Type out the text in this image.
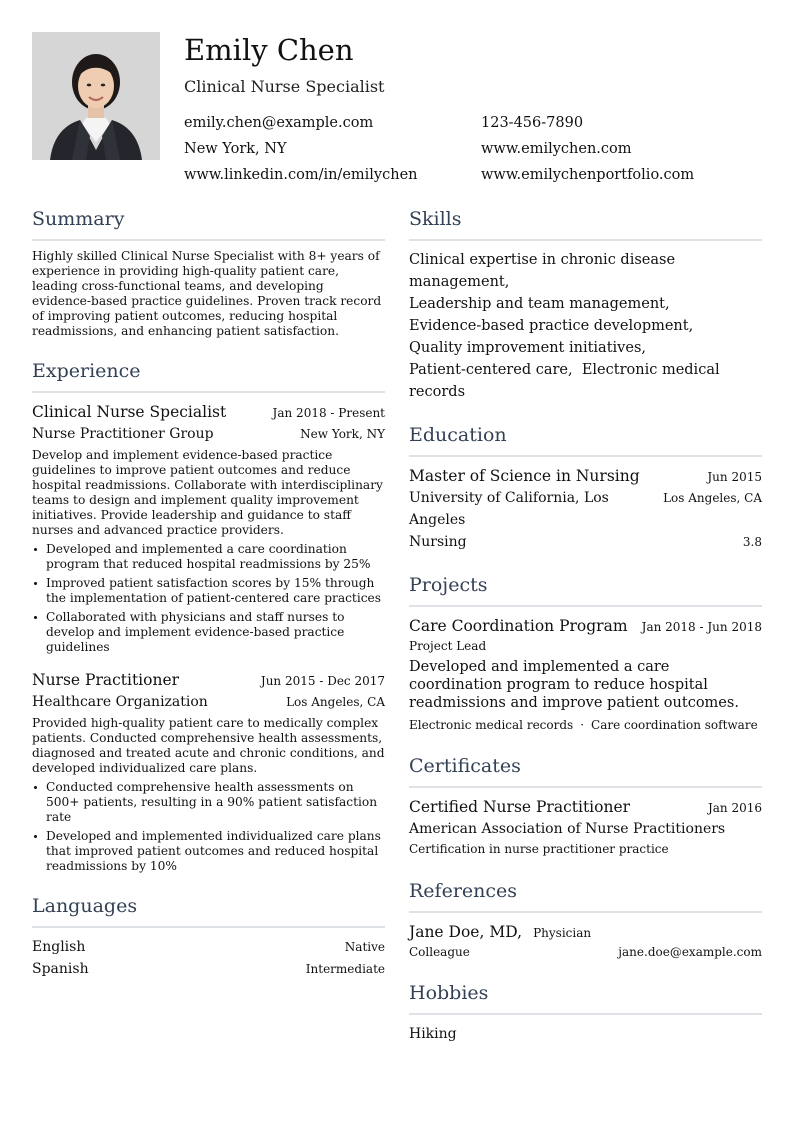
Emily Chen
Clinical Nurse Specialist
emily.chen@example.com	123-456-7890
New York, NY	www.emilychen.com
www.linkedin.com/in/emilychen	www.emilychenportfolio.com
Summary

Highly skilled Clinical Nurse Specialist with 8+ years of experience in providing high-quality patient care, leading cross-functional teams, and developing evidence-based practice guidelines. Proven track record of improving patient outcomes, reducing hospital readmissions, and enhancing patient satisfaction.

Experience
Clinical Nurse Specialist	Jan 2018 - Present
Nurse Practitioner Group	New York, NY

Develop and implement evidence-based practice guidelines to improve patient outcomes and reduce hospital readmissions. Collaborate with interdisciplinary teams to design and implement quality improvement initiatives. Provide leadership and guidance to staff nurses and advanced practice providers.

Developed and implemented a care coordination program that reduced hospital readmissions by 25%
Improved patient satisfaction scores by 15% through the implementation of patient-centered care practices
Collaborated with physicians and staff nurses to develop and implement evidence-based practice guidelines
Nurse Practitioner	Jun 2015 - Dec 2017
Healthcare Organization	Los Angeles, CA

Provided high-quality patient care to medically complex patients. Conducted comprehensive health assessments, diagnosed and treated acute and chronic conditions, and developed individualized care plans.

Conducted comprehensive health assessments on 500+ patients, resulting in a 90% patient satisfaction rate
Developed and implemented individualized care plans that improved patient outcomes and reduced hospital readmissions by 10%
Languages
English	Native
Spanish	Intermediate
Skills
Clinical expertise in chronic disease management,
Leadership and team management,
Evidence-based practice development,
Quality improvement initiatives,
Patient-centered care, Electronic medical records
Education
Master of Science in Nursing	Jun 2015
University of California, Los Angeles
Los Angeles, CA
Nursing	3.8
Projects
Care Coordination Program Jan 2018 - Jun 2018
Project Lead

Developed and implemented a care coordination program to reduce hospital readmissions and improve patient outcomes.

Electronic medical records · Care coordination software
Certificates
Certified Nurse Practitioner	Jan 2016
American Association of Nurse Practitioners
Certification in nurse practitioner practice
References
Jane Doe, MD, Physician
Colleague	jane.doe@example.com
Hobbies
Hiking
